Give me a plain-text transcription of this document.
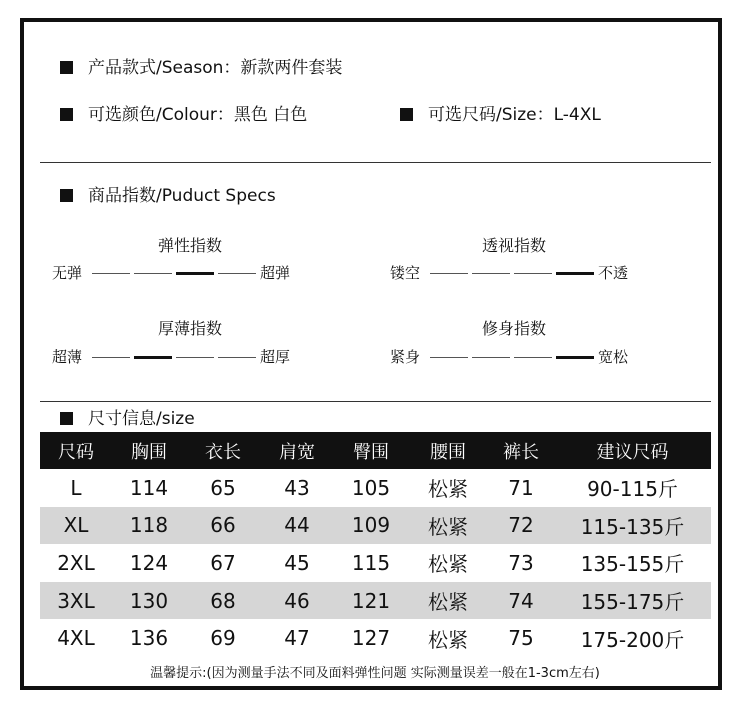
产品款式/Season：新款两件套装
可选颜色/Colour：黑色 白色	可选尺码/Size：L-4XL
商品指数/Puduct Specs
弹性指数
无弹	超弹
透视指数
镂空	不透
厚薄指数
超薄	超厚
修身指数
紧身	宽松
尺寸信息/size
尺码	胸围	衣长	肩宽	臀围	腰围	裤长	建议尺码
L	114	65	43	105	松紧	71	90-115斤
XL	118	66	44	109	松紧	72	115-135斤
2XL	124	67	45	115	松紧	73	135-155斤
3XL	130	68	46	121	松紧	74	155-175斤
4XL	136	69	47	127	松紧	75	175-200斤
温馨提示:(因为测量手法不同及面料弹性问题 实际测量误差一般在1-3cm左右)
